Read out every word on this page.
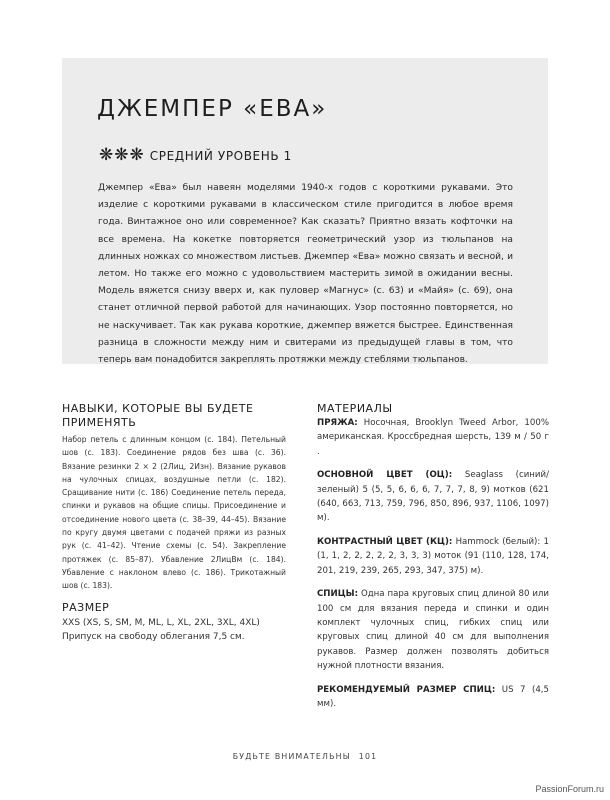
ДЖЕМПЕР «ЕВА»
❋ ❋ ❋ СРЕДНИЙ УРОВЕНЬ 1

Джемпер «Ева» был навеян моделями 1940-х годов с короткими рукавами. Это изделие с короткими рукавами в классическом стиле пригодится в любое время года. Винтажное оно или современное? Как сказать? Приятно вязать кофточки на все времена. На кокетке повторяется геометрический узор из тюльпанов на длинных ножках со множеством листьев. Джемпер «Ева» можно связать и весной, и летом. Но также его можно с удовольствием мастерить зимой в ожидании весны. Модель вяжется снизу вверх и, как пуловер «Магнус» (с. 63) и «Майя» (с. 69), она станет отличной первой работой для начинающих. Узор постоянно повторяется, но не наскучивает. Так как рукава короткие, джемпер вяжется быстрее. Единственная разница в сложности между ним и свитерами из предыдущей главы в том, что теперь вам понадобится закреплять протяжки между стеблями тюльпанов.

НАВЫКИ, КОТОРЫЕ ВЫ БУДЕТЕ ПРИМЕНЯТЬ

Набор петель с длинным концом (с. 184). Петельный шов (с. 183). Соединение рядов без шва (с. 36). Вязание резинки 2 × 2 (2Лиц, 2Изн). Вязание рукавов на чулочных спицах, воздушные петли (с. 182). Сращивание нити (с. 186) Соединение петель переда, спинки и рукавов на общие спицы. Присоединение и отсоединение нового цвета (с. 38–39, 44–45). Вязание по кругу двумя цветами с подачей пряжи из разных рук (с. 41–42). Чтение схемы (с. 54). Закрепление протяжек (с. 85–87). Убавление 2ЛицВм (с. 184). Убавление с наклоном влево (с. 186). Трикотажный шов (с. 183).

РАЗМЕР

XXS (XS, S, SM, M, ML, L, XL, 2XL, 3XL, 4XL)

Припуск на свободу облегания 7,5 см.

МАТЕРИАЛЫ

ПРЯЖА: Носочная, Brooklyn Tweed Arbor, 100% американская. Кроссбредная шерсть, 139 м / 50 г .

ОСНОВНОЙ ЦВЕТ (ОЦ): Seaglass (синий/зеленый) 5 (5, 5, 6, 6, 6, 7, 7, 7, 8, 9) мотков (621 (640, 663, 713, 759, 796, 850, 896, 937, 1106, 1097) м).

КОНТРАСТНЫЙ ЦВЕТ (КЦ): Hammock (белый): 1 (1, 1, 2, 2, 2, 2, 2, 3, 3, 3) моток (91 (110, 128, 174, 201, 219, 239, 265, 293, 347, 375) м).

СПИЦЫ: Одна пара круговых спиц длиной 80 или 100 см для вязания переда и спинки и один комплект чулочных спиц, гибких спиц или круговых спиц длиной 40 см для выполнения рукавов. Размер должен позволять добиться нужной плотности вязания.

РЕКОМЕНДУЕМЫЙ РАЗМЕР СПИЦ: US 7 (4,5 мм).

БУДЬТЕ ВНИМАТЕЛЬНЫ 101
PassionForum.ru
